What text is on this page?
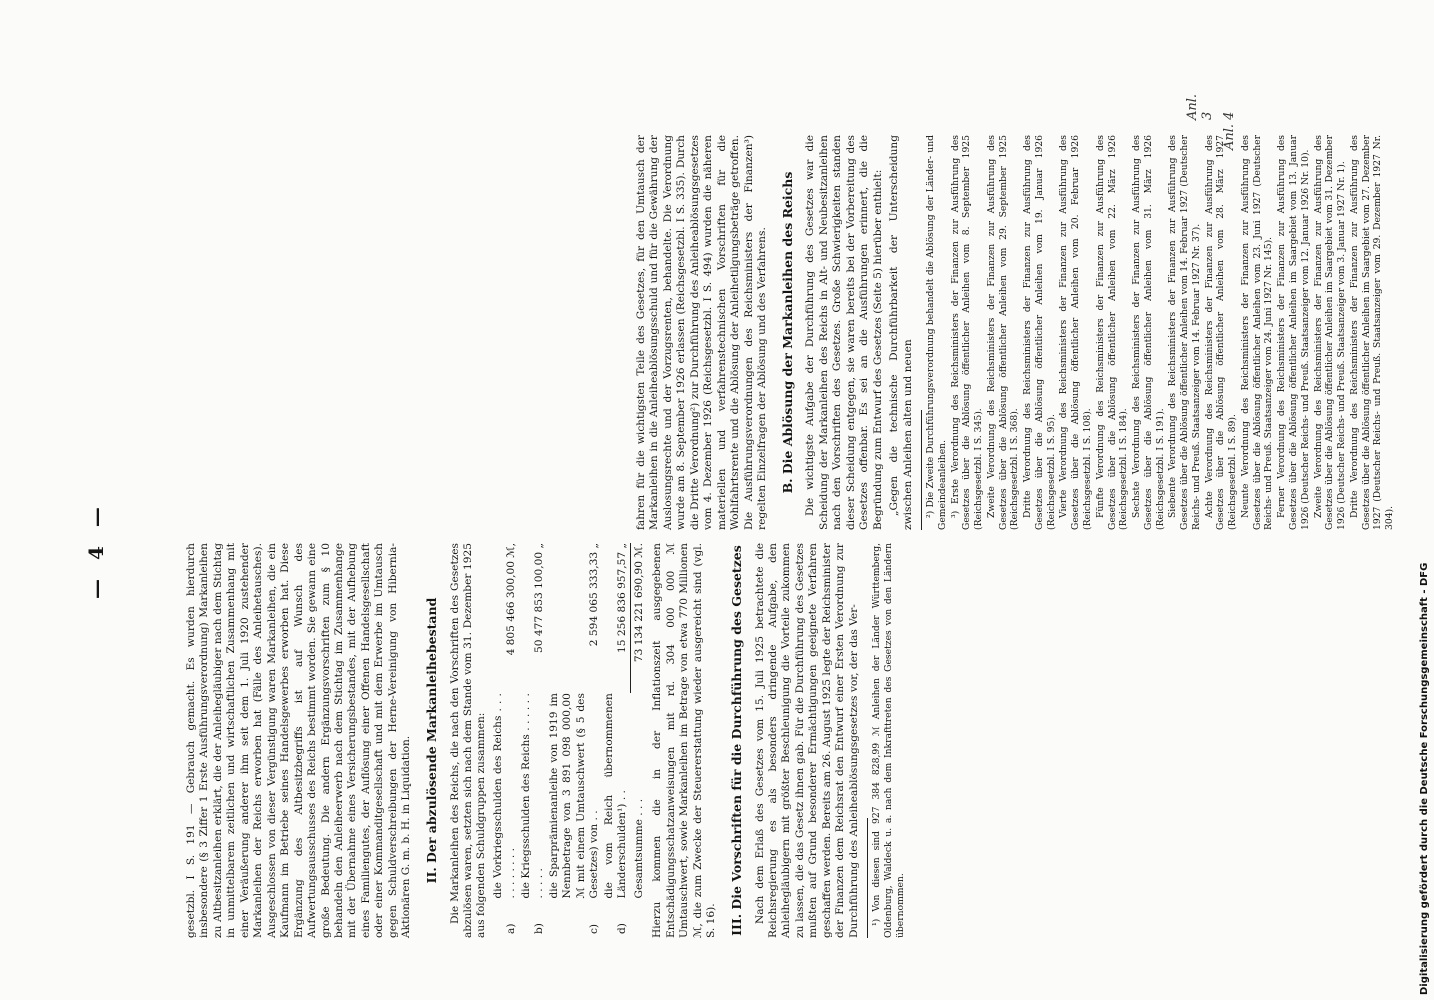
— 4 —

gesetzbl. I S. 191 — Gebrauch gemacht. Es wurden hierdurch insbesondere (§ 3 Ziffer 1 Erste Ausführungsverordnung) Markanleihen zu Altbesitzanleihen erklärt, die der Anleihegläubiger nach dem Stichtag in unmittelbarem zeitlichen und wirtschaftlichen Zusammenhang mit einer Veräußerung anderer ihm seit dem 1. Juli 1920 zustehender Markanleihen der Reichs erworben hat (Fälle des Anleihetausches). Ausgeschlossen von dieser Vergünstigung waren Markanleihen, die ein Kaufmann im Betriebe seines Handelsgewerbes erworben hat. Diese Ergänzung des Altbesitzbegriffs ist auf Wunsch des Aufwertungsausschusses des Reichs bestimmt worden. Sie gewann eine große Bedeutung. Die andern Ergänzungsvorschriften zum § 10 behandeln den Anleiheerwerb nach dem Stichtag im Zusammenhange mit der Übernahme eines Versicherungsbestandes, mit der Aufhebung eines Familiengutes, der Auflösung einer Offenen Handelsgesellschaft oder einer Kommanditgesellschaft und mit dem Erwerbe im Umtausch gegen Schuldverschreibungen der Herne-Vereinigung von Hibernia-Aktionären G. m. b. H. in Liquidation. II. Der abzulösende Markanleihebestand Die Markanleihen des Reichs, die nach den Vorschriften des Gesetzes abzulösen waren, setzten sich nach dem Stande vom 31. Dezember 1925 aus folgenden Schuldgruppen zusammen: a)	die Vorkriegsschulden des Reichs . . . . . . . . . . .	4 805 466 300,00 ℳ,
b)	die Kriegsschulden des Reichs . . . . . . . . . . .	50 477 853 100,00 „
c)	die Sparprämienanleihe von 1919 im Nennbetrage von 3 891 098 000,00 ℳ mit einem Umtauschwert (§ 5 des Gesetzes) von . .	2 594 065 333,33 „
d)	die vom Reich übernommenen Länderschulden¹) . .	15 256 836 957,57 „
	Gesamtsumme . . .	73 134 221 690,90 ℳ. Hierzu kommen die in der Inflationszeit ausgegebenen Entschädigungsschatzanweisungen mit rd. 304 000 000 ℳ Umtauschwert, sowie Markanleihen im Betrage von etwa 770 Millionen ℳ, die zum Zwecke der Steuererstattung wieder ausgereicht sind (vgl. S. 16). III. Die Vorschriften für die Durchführung des Gesetzes Nach dem Erlaß des Gesetzes vom 15. Juli 1925 betrachtete die Reichsregierung es als besonders dringende Aufgabe, den Anleihegläubigern mit größter Beschleunigung die Vorteile zukommen zu lassen, die das Gesetz ihnen gab. Für die Durchführung des Gesetzes mußten auf Grund besonderer Ermächtigungen geeignete Verfahren geschaffen werden. Bereits am 26. August 1925 legte der Reichsminister der Finanzen dem Reichsrat den Entwurf einer Ersten Verordnung zur Durchführung des Anleiheablösungsgesetzes vor, der das Ver- ¹) Von diesen sind 927 384 828,99 ℳ Anleihen der Länder Württemberg, Oldenburg, Waldeck u. a. nach dem Inkrafttreten des Gesetzes von den Ländern übernommen.

fahren für die wichtigsten Teile des Gesetzes, für den Umtausch der Markanleihen in die Anleiheablösungsschuld und für die Gewährung der Auslosungsrechte und der Vorzugsrenten, behandelte. Die Verordnung wurde am 8. September 1926 erlassen (Reichsgesetzbl. I S. 335). Durch die Dritte Verordnung²) zur Durchführung des Anleiheablösungsgesetzes vom 4. Dezember 1926 (Reichsgesetzbl. I S. 494) wurden die näheren materiellen und verfahrenstechnischen Vorschriften für die Wohlfahrtsrente und die Ablösung der Anleihetilgungsbeträge getroffen. Die Ausführungsverordnungen des Reichsministers der Finanzen³) regelten Einzelfragen der Ablösung und des Verfahrens. B. Die Ablösung der Markanleihen des Reichs Die wichtigste Aufgabe der Durchführung des Gesetzes war die Scheidung der Markanleihen des Reichs in Alt- und Neubesitzanleihen nach den Vorschriften des Gesetzes. Große Schwierigkeiten standen dieser Scheidung entgegen, sie waren bereits bei der Vorbereitung des Gesetzes offenbar. Es sei an die Ausführungen erinnert, die die Begründung zum Entwurf des Gesetzes (Seite 5) hierüber enthielt: „Gegen die technische Durchführbarkeit der Unterscheidung zwischen Anleihen alten und neuen ²) Die Zweite Durchführungsverordnung behandelt die Ablösung der Länder- und Gemeindeanleihen. ³) Erste Verordnung des Reichsministers der Finanzen zur Ausführung des Gesetzes über die Ablösung öffentlicher Anleihen vom 8. September 1925 (Reichsgesetzbl. I S. 345). Zweite Verordnung des Reichsministers der Finanzen zur Ausführung des Gesetzes über die Ablösung öffentlicher Anleihen vom 29. September 1925 (Reichsgesetzbl. I S. 368). Dritte Verordnung des Reichsministers der Finanzen zur Ausführung des Gesetzes über die Ablösung öffentlicher Anleihen vom 19. Januar 1926 (Reichsgesetzbl. I S. 95). Vierte Verordnung des Reichsministers der Finanzen zur Ausführung des Gesetzes über die Ablösung öffentlicher Anleihen vom 20. Februar 1926 (Reichsgesetzbl. I S. 108). Fünfte Verordnung des Reichsministers der Finanzen zur Ausführung des Gesetzes über die Ablösung öffentlicher Anleihen vom 22. März 1926 (Reichsgesetzbl. I S. 184). Sechste Verordnung des Reichsministers der Finanzen zur Ausführung des Gesetzes über die Ablösung öffentlicher Anleihen vom 31. März 1926 (Reichsgesetzbl. I S. 191). Siebente Verordnung des Reichsministers der Finanzen zur Ausführung des Gesetzes über die Ablösung öffentlicher Anleihen vom 14. Februar 1927 (Deutscher Reichs- und Preuß. Staatsanzeiger vom 14. Februar 1927 Nr. 37). Achte Verordnung des Reichsministers der Finanzen zur Ausführung des Gesetzes über die Ablösung öffentlicher Anleihen vom 28. März 1927 (Reichsgesetzbl. I S. 89). Neunte Verordnung des Reichsministers der Finanzen zur Ausführung des Gesetzes über die Ablösung öffentlicher Anleihen vom 23. Juni 1927 (Deutscher Reichs- und Preuß. Staatsanzeiger vom 24. Juni 1927 Nr. 145). Ferner Verordnung des Reichsministers der Finanzen zur Ausführung des Gesetzes über die Ablösung öffentlicher Anleihen im Saargebiet vom 13. Januar 1926 (Deutscher Reichs- und Preuß. Staatsanzeiger vom 12. Januar 1926 Nr. 10). Zweite Verordnung des Reichsministers der Finanzen zur Ausführung des Gesetzes über die Ablösung öffentlicher Anleihen im Saargebiet vom 31. Dezember 1926 (Deutscher Reichs- und Preuß. Staatsanzeiger vom 3. Januar 1927 Nr. 1). Dritte Verordnung des Reichsministers der Finanzen zur Ausführung des Gesetzes über die Ablösung öffentlicher Anleihen im Saargebiet vom 27. Dezember 1927 (Deutscher Reichs- und Preuß. Staatsanzeiger vom 29. Dezember 1927 Nr. 304).

Anl. 3 Anl. 4
Digitalisierung gefördert durch die Deutsche Forschungsgemeinschaft - DFG
